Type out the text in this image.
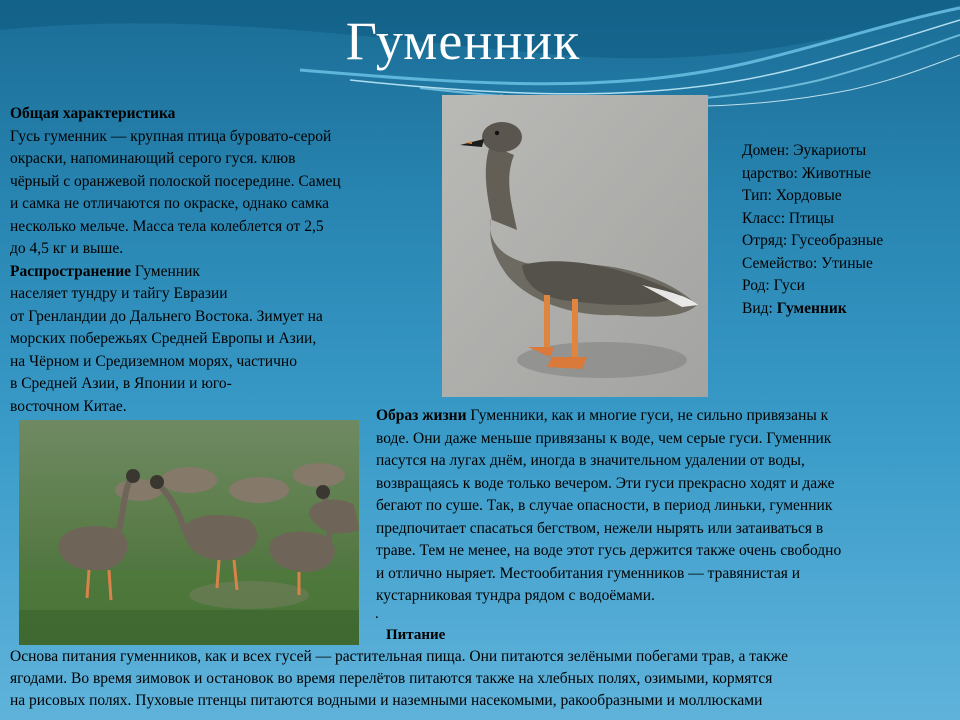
Гуменник
Общая характеристика
Гусь гуменник — крупная птица буровато-серой
окраски, напоминающий серого гуся. клюв
чёрный с оранжевой полоской посередине. Самец
и самка не отличаются по окраске, однако самка
несколько мельче. Масса тела колеблется от 2,5
до 4,5 кг и выше.
Распространение Гуменник
населяет тундру и тайгу Евразии
от Гренландии до Дальнего Востока. Зимует на
морских побережьях Средней Европы и Азии,
на Чёрном и Средиземном морях, частично
в Средней Азии, в Японии и юго-
восточном Китае.
Домен: Эукариоты
царство: Животные
Тип: Хордовые
Класс: Птицы
Отряд: Гусеобразные
Семейство: Утиные
Род: Гуси
Вид: Гуменник
Образ жизни Гуменники, как и многие гуси, не сильно привязаны к
воде. Они даже меньше привязаны к воде, чем серые гуси. Гуменник
пасутся на лугах днём, иногда в значительном удалении от воды,
возвращаясь к воде только вечером. Эти гуси прекрасно ходят и даже
бегают по суше. Так, в случае опасности, в период линьки, гуменник
предпочитает спасаться бегством, нежели нырять или затаиваться в
траве. Тем не менее, на воде этот гусь держится также очень свободно
и отлично ныряет. Местообитания гуменников — травянистая и
кустарниковая тундра рядом с водоёмами.
.
Питание
Основа питания гуменников, как и всех гусей — растительная пища. Они питаются зелёными побегами трав, а также
ягодами. Во время зимовок и остановок во время перелётов питаются также на хлебных полях, озимыми, кормятся
на рисовых полях. Пуховые птенцы питаются водными и наземными насекомыми, ракообразными и моллюсками
